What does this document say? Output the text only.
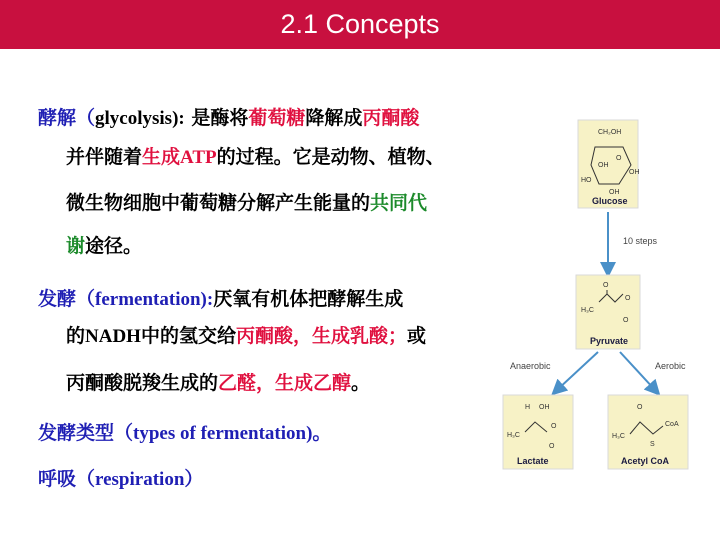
2.1 Concepts
酵解（glycolysis): 是酶将葡萄糖降解成丙酮酸
并伴随着生成ATP的过程。它是动物、植物、
微生物细胞中葡萄糖分解产生能量的共同代
谢途径。
发酵（fermentation):厌氧有机体把酵解生成
的NADH中的氢交给丙酮酸，生成乳酸；或
丙酮酸脱羧生成的乙醛，生成乙醇。
发酵类型（types of fermentation)。
呼吸（respiration）
CH₂OH
O
OH
OH
HO
OH
Glucose
10 steps
O
H₃C
O
O
Pyruvate
Anaerobic	Aerobic
H OH
H₃C
O
O
Lactate
O
H₃C
S
CoA
Acetyl CoA
